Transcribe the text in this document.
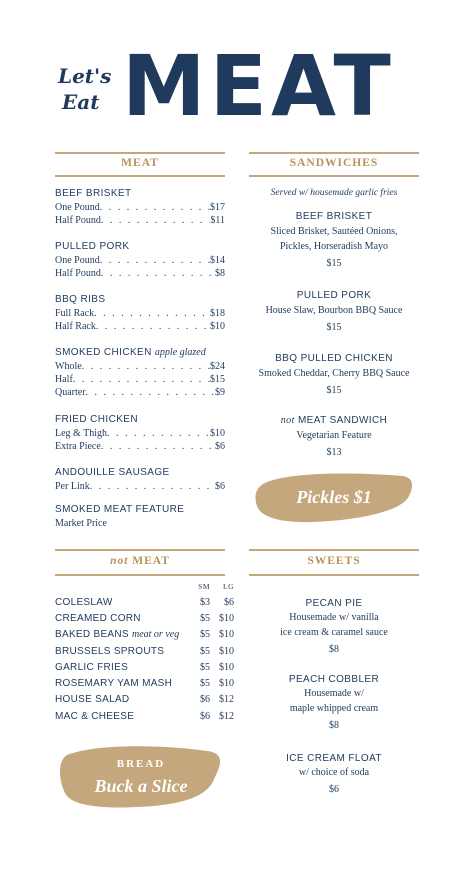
Let's
Eat MEAT
MEAT
BEEF BRISKET
One Pound . . .	$17
Half Pound . . .	$11
PULLED PORK
One Pound . . .	$14
Half Pound . . .	$8
BBQ RIBS
Full Rack . . .	$18
Half Rack . . .	$10
SMOKED CHICKEN apple glazed
Whole . . .	$24
Half . . .	$15
Quarter . . .	$9
FRIED CHICKEN
Leg & Thigh . . .	$10
Extra Piece . . .	$6
ANDOUILLE SAUSAGE
Per Link . . .	$6
SMOKED MEAT FEATURE
Market Price
SANDWICHES
Served w/ housemade garlic fries
BEEF BRISKET
Sliced Brisket, Sautéed Onions,
Pickles, Horseradish Mayo
$15
PULLED PORK
House Slaw, Bourbon BBQ Sauce
$15
BBQ PULLED CHICKEN
Smoked Cheddar, Cherry BBQ Sauce
$15
not MEAT SANDWICH
Vegetarian Feature
$13
Pickles $1
not MEAT
SM	LG
COLESLAW	$3	$6
CREAMED CORN	$5 $10
BAKED BEANS meat or veg	$5 $10
BRUSSELS SPROUTS	$5 $10
GARLIC FRIES	$5 $10
ROSEMARY YAM MASH	$5 $10
HOUSE SALAD	$6 $12
MAC & CHEESE	$6 $12
BREAD
Buck a Slice
SWEETS
PECAN PIE
Housemade w/ vanilla
ice cream & caramel sauce
$8
PEACH COBBLER
Housemade w/
maple whipped cream
$8
ICE CREAM FLOAT
w/ choice of soda
$6
